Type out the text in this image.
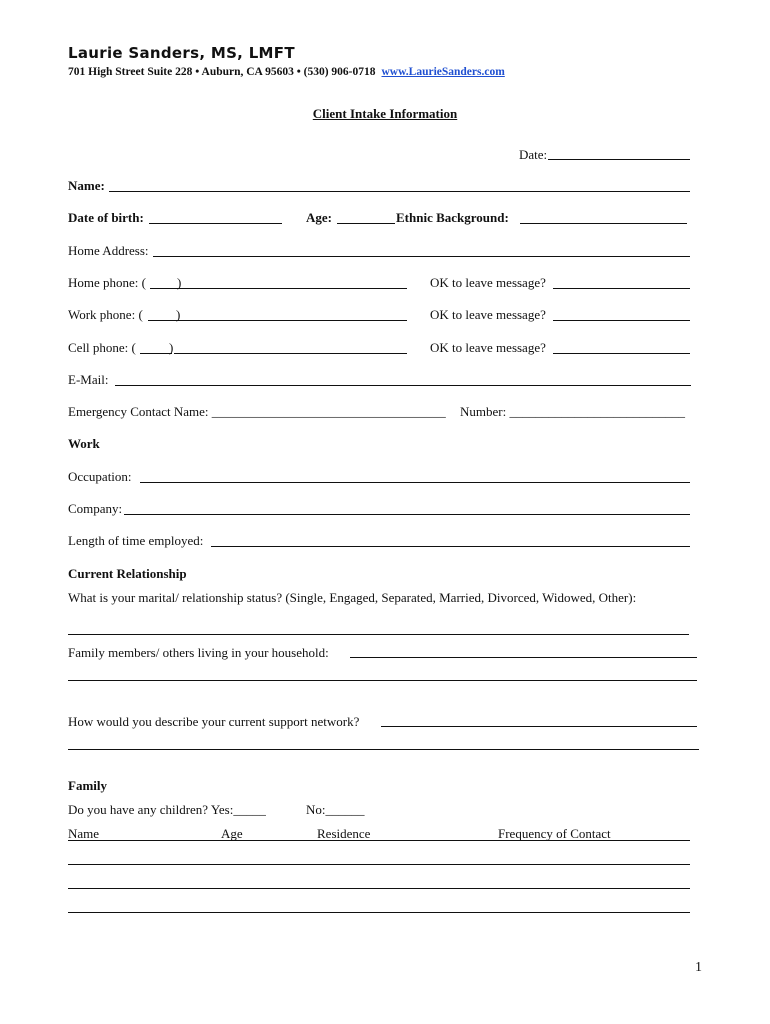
Laurie Sanders, MS, LMFT
701 High Street Suite 228 • Auburn, CA 95603 • (530) 906-0718 www.LaurieSanders.com
Client Intake Information
Date:
Name:
Date of birth:	Age:	Ethnic Background:
Home Address:
Home phone: ( )	OK to leave message?
Work phone: (	)	OK to leave message?
Cell phone: (	)	OK to leave message?
E-Mail:
Emergency Contact Name: ____________________________________ Number: ___________________________
Work
Occupation:
Company:
Length of time employed:
Current Relationship
What is your marital/ relationship status? (Single, Engaged, Separated, Married, Divorced, Widowed, Other):
Family members/ others living in your household:
How would you describe your current support network?
Family
Do you have any children? Yes:_____	No:______
Name	Age	Residence	Frequency of Contact
1
